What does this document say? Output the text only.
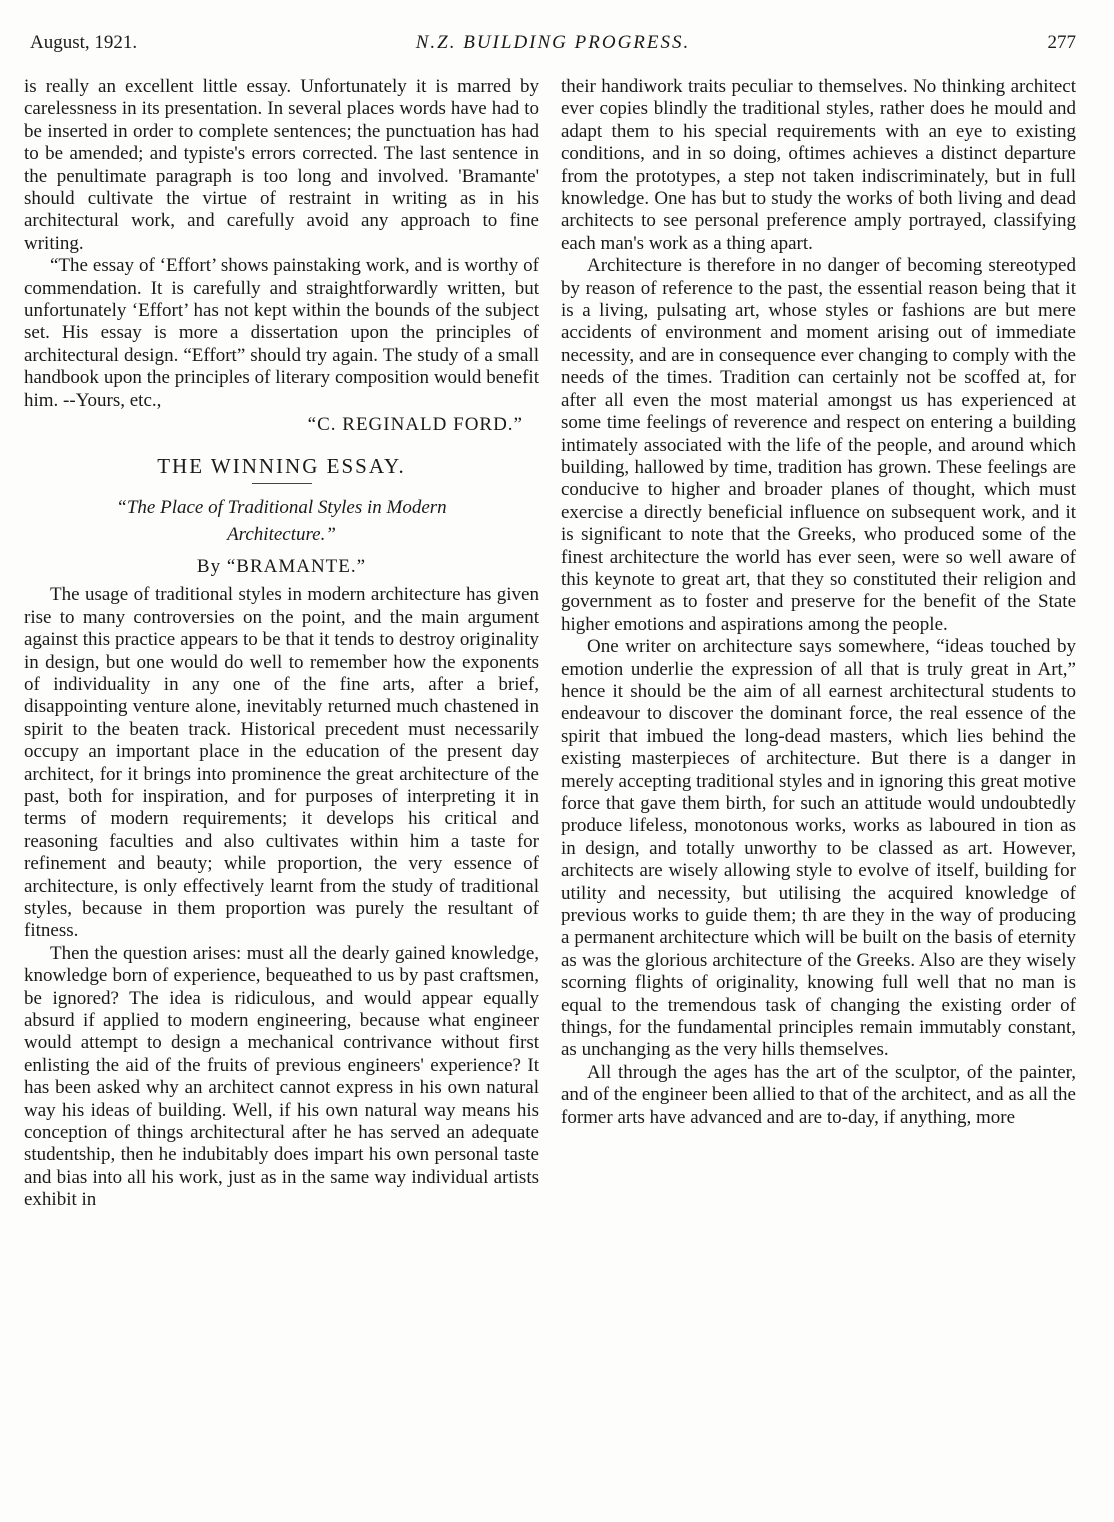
August, 1921.	N.Z. BUILDING PROGRESS.	277

is really an excellent little essay. Unfortunately it is marred by carelessness in its presentation. In several places words have had to be inserted in order to complete sentences; the punctuation has had to be amended; and typiste's errors corrected. The last sentence in the penultimate paragraph is too long and involved. 'Bramante' should cultivate the virtue of restraint in writing as in his architectural work, and carefully avoid any approach to fine writing.

“The essay of ‘Effort’ shows painstaking work, and is worthy of commendation. It is carefully and straightforwardly written, but unfortunately ‘Effort’ has not kept within the bounds of the subject set. His essay is more a dissertation upon the principles of architectural design. “Effort” should try again. The study of a small handbook upon the principles of literary composition would benefit him. --Yours, etc.,

“C. REGINALD FORD.”
THE WINNING ESSAY.
“The Place of Traditional Styles in Modern Architecture.”
By “BRAMANTE.”

The usage of traditional styles in modern architecture has given rise to many controversies on the point, and the main argument against this practice appears to be that it tends to destroy originality in design, but one would do well to remember how the exponents of individuality in any one of the fine arts, after a brief, disappointing venture alone, inevitably returned much chastened in spirit to the beaten track. Historical precedent must necessarily occupy an important place in the education of the present day architect, for it brings into prominence the great architecture of the past, both for inspiration, and for purposes of interpreting it in terms of modern requirements; it develops his critical and reasoning faculties and also cultivates within him a taste for refinement and beauty; while proportion, the very essence of architecture, is only effectively learnt from the study of traditional styles, because in them proportion was purely the resultant of fitness.

Then the question arises: must all the dearly gained knowledge, knowledge born of experience, bequeathed to us by past craftsmen, be ignored? The idea is ridiculous, and would appear equally absurd if applied to modern engineering, because what engineer would attempt to design a mechanical contrivance without first enlisting the aid of the fruits of previous engineers' experience? It has been asked why an architect cannot express in his own natural way his ideas of building. Well, if his own natural way means his conception of things architectural after he has served an adequate studentship, then he indubitably does impart his own personal taste and bias into all his work, just as in the same way individual artists exhibit in

their handiwork traits peculiar to themselves. No thinking architect ever copies blindly the traditional styles, rather does he mould and adapt them to his special requirements with an eye to existing conditions, and in so doing, oftimes achieves a distinct departure from the prototypes, a step not taken indiscriminately, but in full knowledge. One has but to study the works of both living and dead architects to see personal preference amply portrayed, classifying each man's work as a thing apart.

Architecture is therefore in no danger of becoming stereotyped by reason of reference to the past, the essential reason being that it is a living, pulsating art, whose styles or fashions are but mere accidents of environment and moment arising out of immediate necessity, and are in consequence ever changing to comply with the needs of the times. Tradition can certainly not be scoffed at, for after all even the most material amongst us has experienced at some time feelings of reverence and respect on entering a building intimately associated with the life of the people, and around which building, hallowed by time, tradition has grown. These feelings are conducive to higher and broader planes of thought, which must exercise a directly beneficial influence on subsequent work, and it is significant to note that the Greeks, who produced some of the finest architecture the world has ever seen, were so well aware of this keynote to great art, that they so constituted their religion and government as to foster and preserve for the benefit of the State higher emotions and aspirations among the people.

One writer on architecture says somewhere, “ideas touched by emotion underlie the expression of all that is truly great in Art,” hence it should be the aim of all earnest architectural students to endeavour to discover the dominant force, the real essence of the spirit that imbued the long-dead masters, which lies behind the existing masterpieces of architecture. But there is a danger in merely accepting traditional styles and in ignoring this great motive force that gave them birth, for such an attitude would undoubtedly produce lifeless, monotonous works, works as laboured in tion as in design, and totally unworthy to be classed as art. However, architects are wisely allowing style to evolve of itself, building for utility and necessity, but utilising the acquired knowledge of previous works to guide them; th are they in the way of producing a permanent architecture which will be built on the basis of eternity as was the glorious architecture of the Greeks. Also are they wisely scorning flights of originality, knowing full well that no man is equal to the tremendous task of changing the existing order of things, for the fundamental principles remain immutably constant, as unchanging as the very hills themselves.

All through the ages has the art of the sculptor, of the painter, and of the engineer been allied to that of the architect, and as all the former arts have advanced and are to-day, if anything, more
